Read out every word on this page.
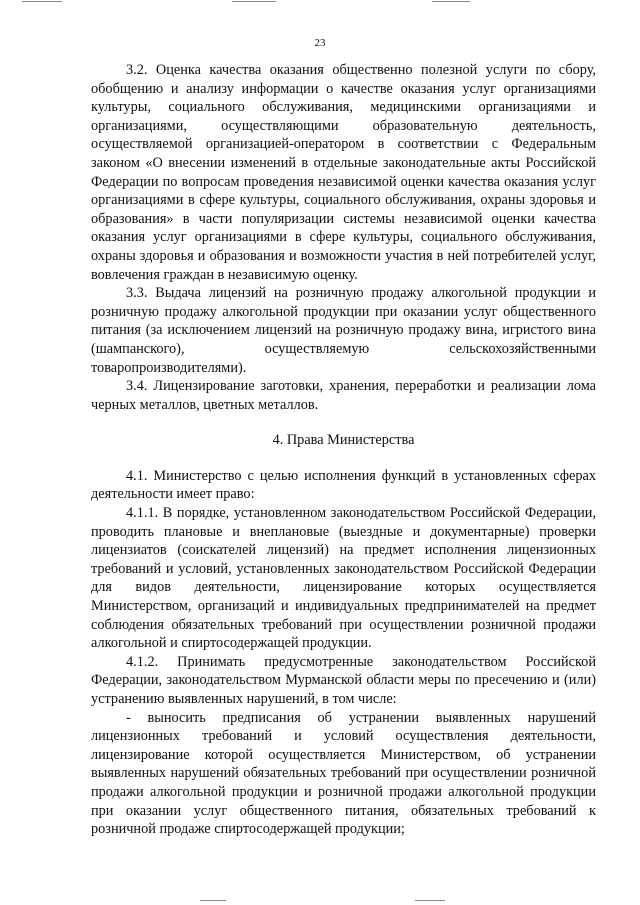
23

3.2. Оценка качества оказания общественно полезной услуги по сбору, обобщению и анализу информации о качестве оказания услуг организациями культуры, социального обслуживания, медицинскими организациями и организациями, осуществляющими образовательную деятельность, осуществляемой организацией-оператором в соответствии с Федеральным законом «О внесении изменений в отдельные законодательные акты Российской Федерации по вопросам проведения независимой оценки качества оказания услуг организациями в сфере культуры, социального обслуживания, охраны здоровья и образования» в части популяризации системы независимой оценки качества оказания услуг организациями в сфере культуры, социального обслуживания, охраны здоровья и образования и возможности участия в ней потребителей услуг, вовлечения граждан в независимую оценку.

3.3. Выдача лицензий на розничную продажу алкогольной продукции и розничную продажу алкогольной продукции при оказании услуг общественного питания (за исключением лицензий на розничную продажу вина, игристого вина (шампанского), осуществляемую сельскохозяйственными товаропроизводителями).

3.4. Лицензирование заготовки, хранения, переработки и реализации лома черных металлов, цветных металлов.

4. Права Министерства

4.1. Министерство с целью исполнения функций в установленных сферах деятельности имеет право:

4.1.1. В порядке, установленном законодательством Российской Федерации, проводить плановые и внеплановые (выездные и документарные) проверки лицензиатов (соискателей лицензий) на предмет исполнения лицензионных требований и условий, установленных законодательством Российской Федерации для видов деятельности, лицензирование которых осуществляется Министерством, организаций и индивидуальных предпринимателей на предмет соблюдения обязательных требований при осуществлении розничной продажи алкогольной и спиртосодержащей продукции.

4.1.2. Принимать предусмотренные законодательством Российской Федерации, законодательством Мурманской области меры по пресечению и (или) устранению выявленных нарушений, в том числе:

- выносить предписания об устранении выявленных нарушений лицензионных требований и условий осуществления деятельности, лицензирование которой осуществляется Министерством, об устранении выявленных нарушений обязательных требований при осуществлении розничной продажи алкогольной продукции и розничной продажи алкогольной продукции при оказании услуг общественного питания, обязательных требований к розничной продаже спиртосодержащей продукции;
